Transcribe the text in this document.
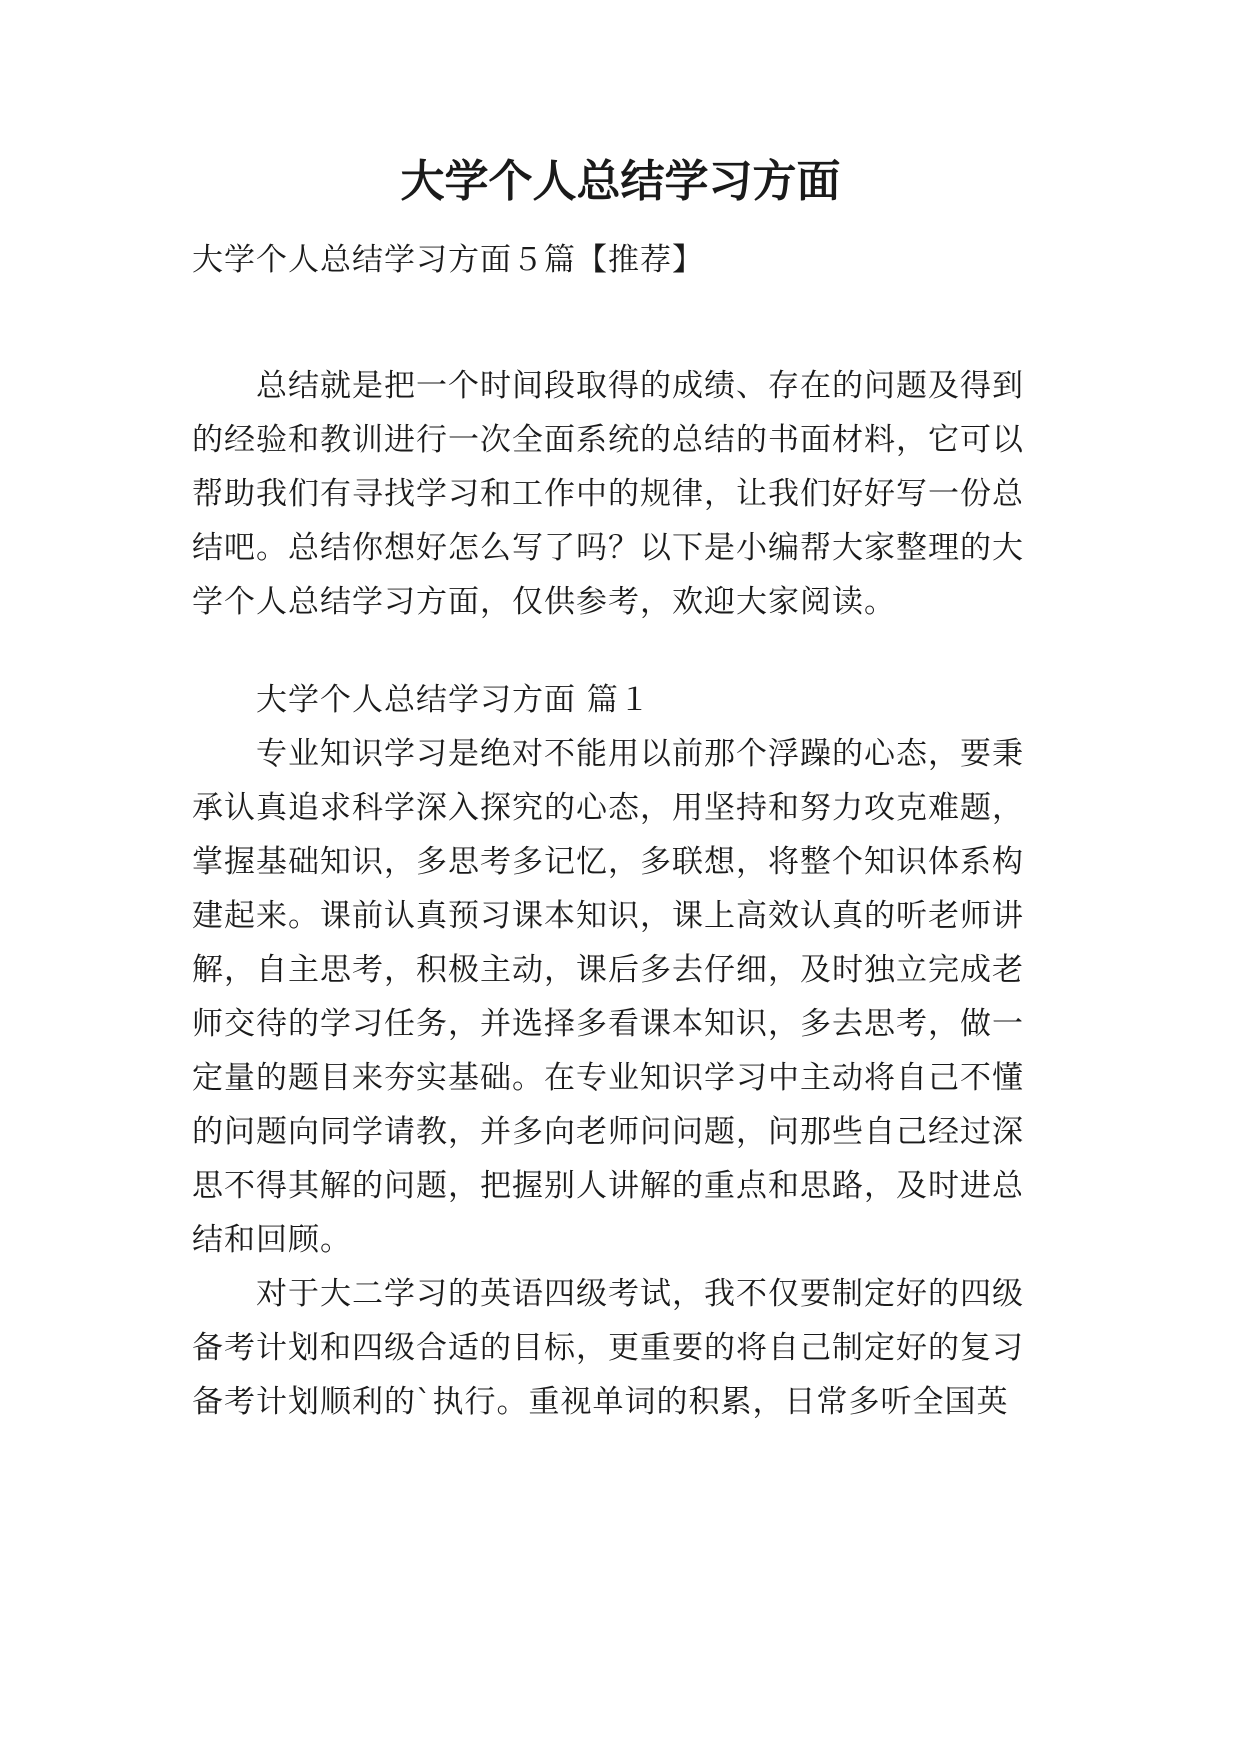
大学个人总结学习方面
大学个人总结学习方面５篇【推荐】
总结就是把一个时间段取得的成绩、存在的问题及得到
的经验和教训进行一次全面系统的总结的书面材料，它可以
帮助我们有寻找学习和工作中的规律，让我们好好写一份总
结吧。总结你想好怎么写了吗？以下是小编帮大家整理的大
学个人总结学习方面，仅供参考，欢迎大家阅读。
大学个人总结学习方面 篇１
专业知识学习是绝对不能用以前那个浮躁的心态，要秉
承认真追求科学深入探究的心态，用坚持和努力攻克难题，
掌握基础知识，多思考多记忆，多联想，将整个知识体系构
建起来。课前认真预习课本知识，课上高效认真的听老师讲
解，自主思考，积极主动，课后多去仔细，及时独立完成老
师交待的学习任务，并选择多看课本知识，多去思考，做一
定量的题目来夯实基础。在专业知识学习中主动将自己不懂
的问题向同学请教，并多向老师问问题，问那些自己经过深
思不得其解的问题，把握别人讲解的重点和思路，及时进总
结和回顾。
对于大二学习的英语四级考试，我不仅要制定好的四级
备考计划和四级合适的目标，更重要的将自己制定好的复习
备考计划顺利的`执行。重视单词的积累，日常多听全国英
